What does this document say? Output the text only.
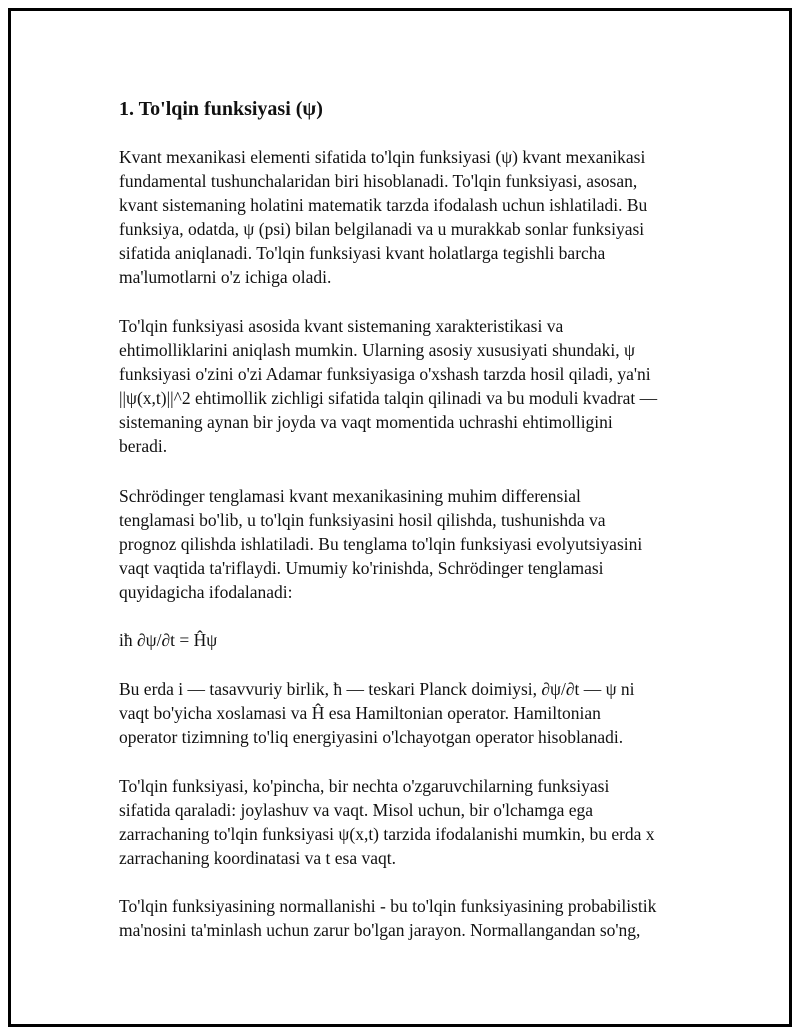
1. To'lqin funksiyasi (ψ)

Kvant mexanikasi elementi sifatida to'lqin funksiyasi (ψ) kvant mexanikasi
fundamental tushunchalaridan biri hisoblanadi. To'lqin funksiyasi, asosan,
kvant sistemaning holatini matematik tarzda ifodalash uchun ishlatiladi. Bu
funksiya, odatda, ψ (psi) bilan belgilanadi va u murakkab sonlar funksiyasi
sifatida aniqlanadi. To'lqin funksiyasi kvant holatlarga tegishli barcha
ma'lumotlarni o'z ichiga oladi.

To'lqin funksiyasi asosida kvant sistemaning xarakteristikasi va
ehtimolliklarini aniqlash mumkin. Ularning asosiy xususiyati shundaki, ψ
funksiyasi o'zini o'zi Adamar funksiyasiga o'xshash tarzda hosil qiladi, ya'ni
||ψ(x,t)||^2 ehtimollik zichligi sifatida talqin qilinadi va bu moduli kvadrat —
sistemaning aynan bir joyda va vaqt momentida uchrashi ehtimolligini
beradi.

Schrödinger tenglamasi kvant mexanikasining muhim differensial
tenglamasi bo'lib, u to'lqin funksiyasini hosil qilishda, tushunishda va
prognoz qilishda ishlatiladi. Bu tenglama to'lqin funksiyasi evolyutsiyasini
vaqt vaqtida ta'riflaydi. Umumiy ko'rinishda, Schrödinger tenglamasi
quyidagicha ifodalanadi:

iħ ∂ψ/∂t = Ĥψ

Bu erda i — tasavvuriy birlik, ħ — teskari Planck doimiysi, ∂ψ/∂t — ψ ni
vaqt bo'yicha xoslamasi va Ĥ esa Hamiltonian operator. Hamiltonian
operator tizimning to'liq energiyasini o'lchayotgan operator hisoblanadi.

To'lqin funksiyasi, ko'pincha, bir nechta o'zgaruvchilarning funksiyasi
sifatida qaraladi: joylashuv va vaqt. Misol uchun, bir o'lchamga ega
zarrachaning to'lqin funksiyasi ψ(x,t) tarzida ifodalanishi mumkin, bu erda x
zarrachaning koordinatasi va t esa vaqt.

To'lqin funksiyasining normallanishi - bu to'lqin funksiyasining probabilistik
ma'nosini ta'minlash uchun zarur bo'lgan jarayon. Normallangandan so'ng,
